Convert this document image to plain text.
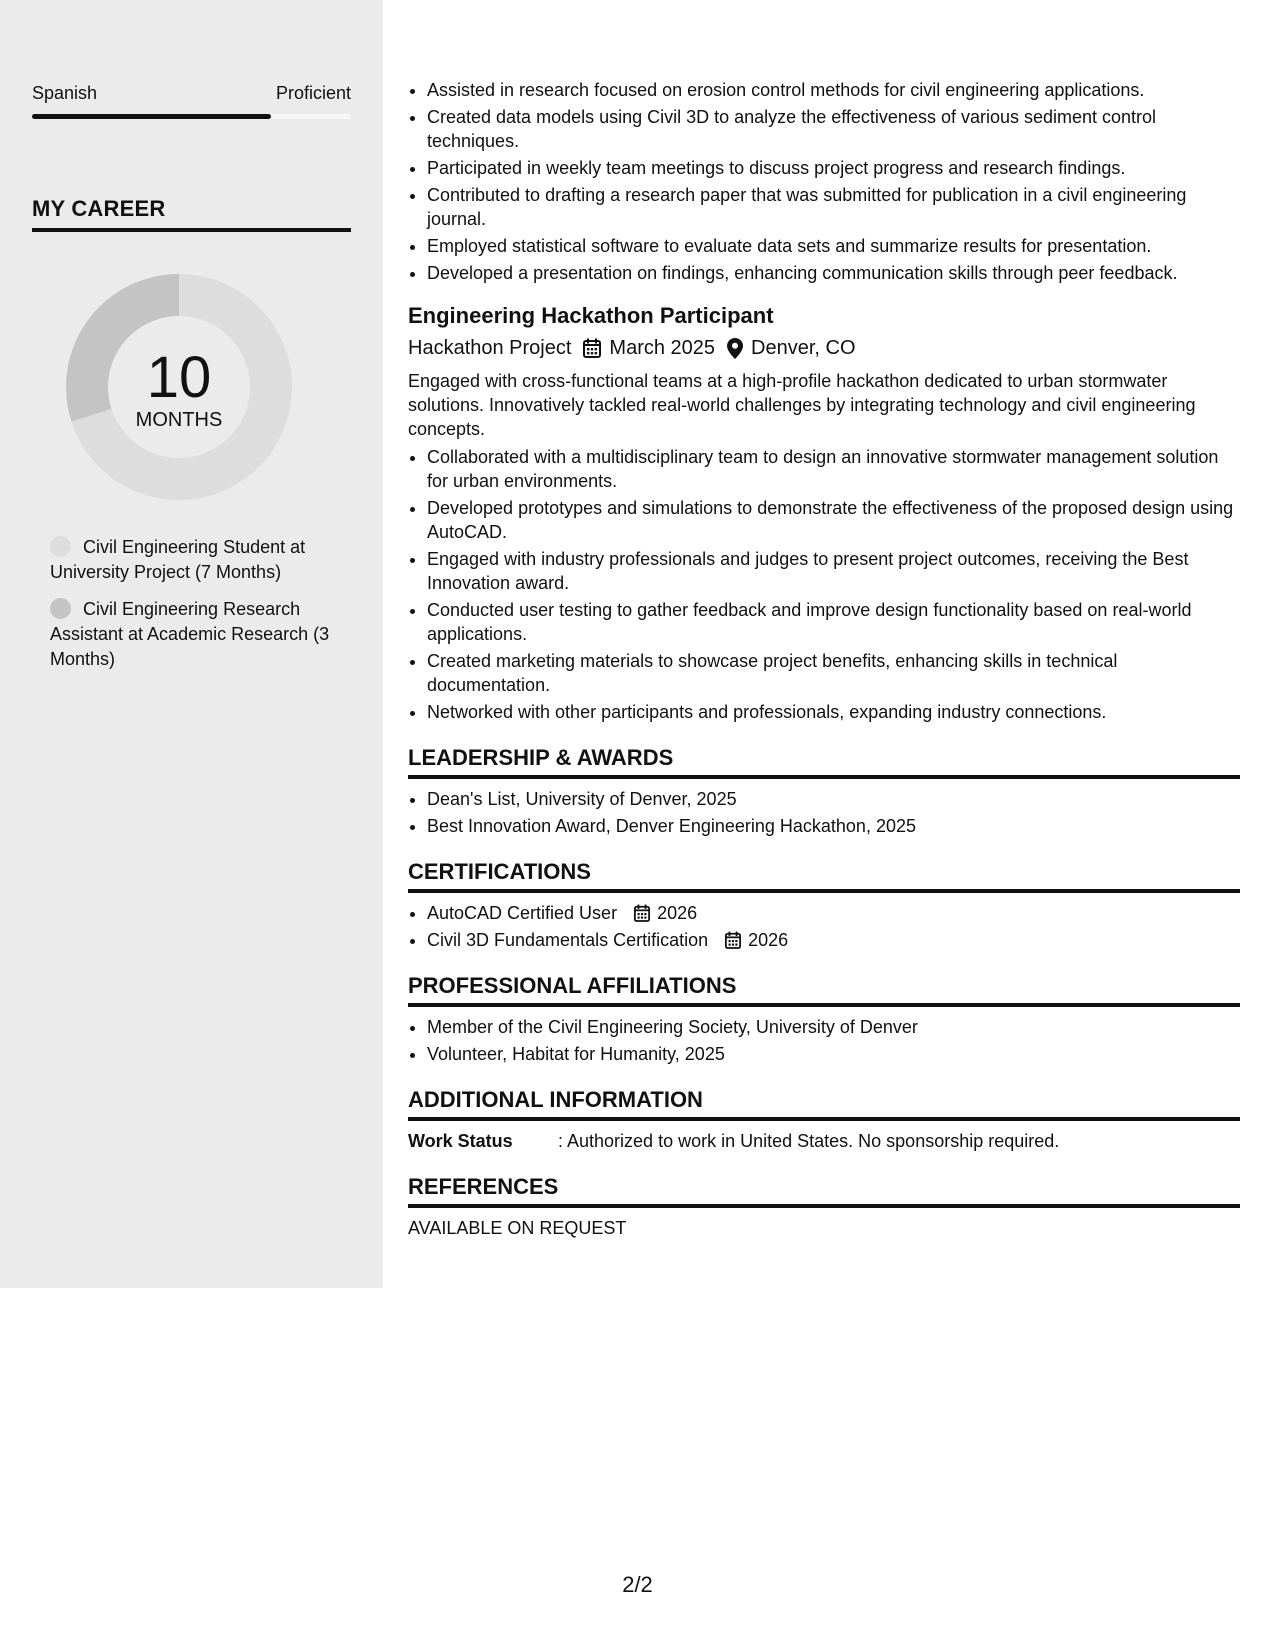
Spanish	Proficient
MY CAREER
10
MONTHS
Civil Engineering Student at University Project (7 Months)
Civil Engineering Research Assistant at Academic Research (3 Months)
• Assisted in research focused on erosion control methods for civil engineering applications.
• Created data models using Civil 3D to analyze the effectiveness of various sediment control techniques.
• Participated in weekly team meetings to discuss project progress and research findings.
• Contributed to drafting a research paper that was submitted for publication in a civil engineering journal.
• Employed statistical software to evaluate data sets and summarize results for presentation.
• Developed a presentation on findings, enhancing communication skills through peer feedback.
Engineering Hackathon Participant
Hackathon Project March 2025 Denver, CO
Engaged with cross-functional teams at a high-profile hackathon dedicated to urban stormwater solutions. Innovatively tackled real-world challenges by integrating technology and civil engineering concepts.
• Collaborated with a multidisciplinary team to design an innovative stormwater management solution for urban environments.
• Developed prototypes and simulations to demonstrate the effectiveness of the proposed design using AutoCAD.
• Engaged with industry professionals and judges to present project outcomes, receiving the Best Innovation award.
• Conducted user testing to gather feedback and improve design functionality based on real-world applications.
• Created marketing materials to showcase project benefits, enhancing skills in technical documentation.
• Networked with other participants and professionals, expanding industry connections.
LEADERSHIP & AWARDS
• Dean's List, University of Denver, 2025
• Best Innovation Award, Denver Engineering Hackathon, 2025
CERTIFICATIONS
• AutoCAD Certified User 2026
• Civil 3D Fundamentals Certification 2026
PROFESSIONAL AFFILIATIONS
• Member of the Civil Engineering Society, University of Denver
• Volunteer, Habitat for Humanity, 2025
ADDITIONAL INFORMATION
Work Status	: Authorized to work in United States. No sponsorship required.
REFERENCES
AVAILABLE ON REQUEST
2/2
